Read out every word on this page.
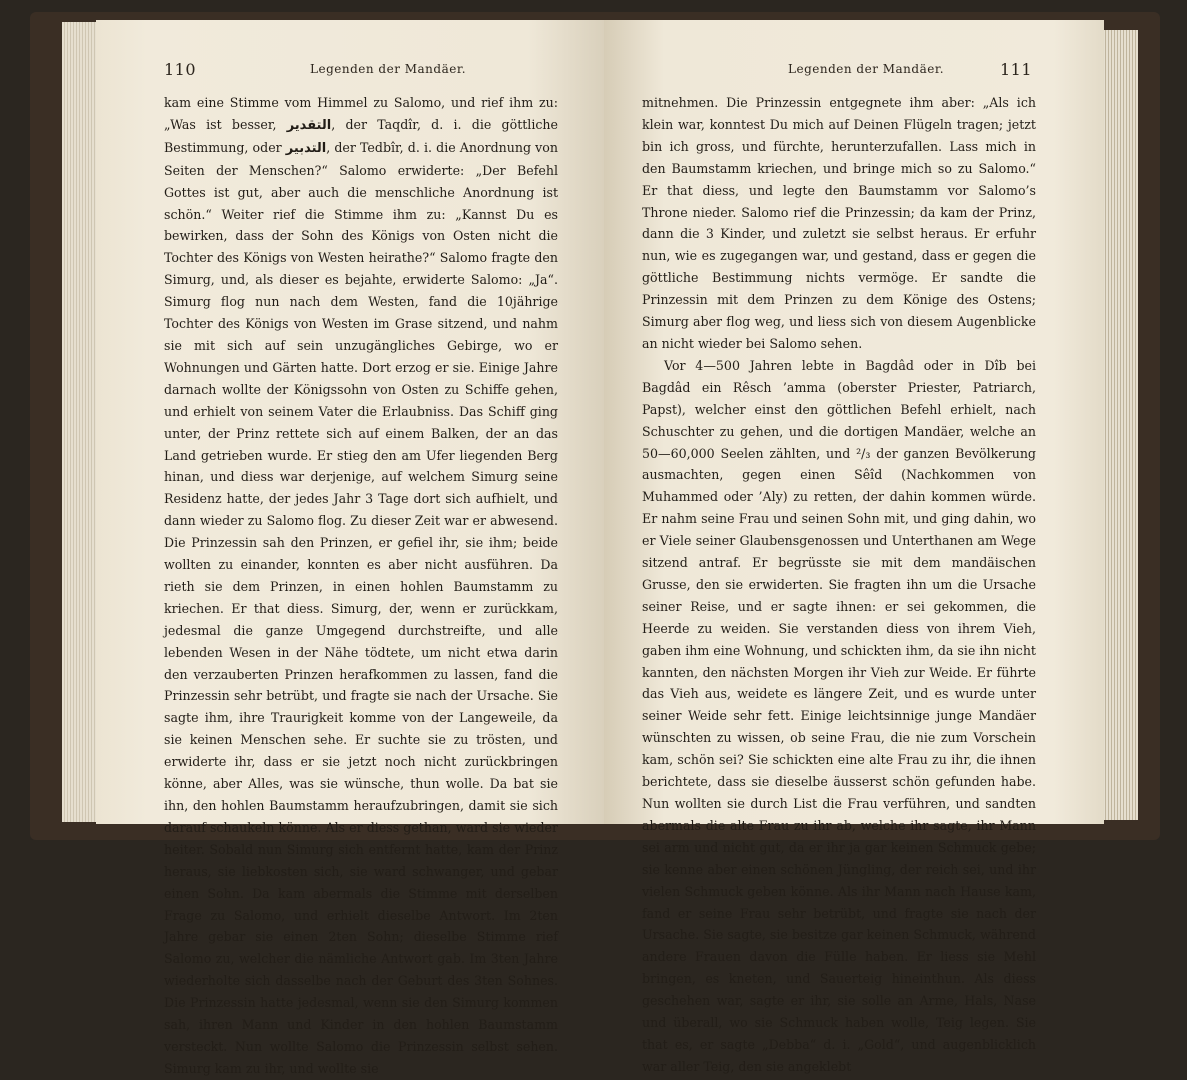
110	Legenden der Mandäer.

kam eine Stimme vom Himmel zu Salomo, und rief ihm zu: „Was ist besser, التقدير, der Taqdîr, d. i. die göttliche Bestimmung, oder التدبير, der Tedbîr, d. i. die Anordnung von Seiten der Menschen?“ Salomo erwiderte: „Der Befehl Gottes ist gut, aber auch die menschliche Anordnung ist schön.“ Weiter rief die Stimme ihm zu: „Kannst Du es bewirken, dass der Sohn des Königs von Osten nicht die Tochter des Königs von Westen heirathe?“ Salomo fragte den Simurg, und, als dieser es bejahte, erwiderte Salomo: „Ja“. Simurg flog nun nach dem Westen, fand die 10jährige Tochter des Königs von Westen im Grase sitzend, und nahm sie mit sich auf sein unzugängliches Gebirge, wo er Wohnungen und Gärten hatte. Dort erzog er sie. Einige Jahre darnach wollte der Königssohn von Osten zu Schiffe gehen, und erhielt von seinem Vater die Erlaubniss. Das Schiff ging unter, der Prinz rettete sich auf einem Balken, der an das Land getrieben wurde. Er stieg den am Ufer liegenden Berg hinan, und diess war derjenige, auf welchem Simurg seine Residenz hatte, der jedes Jahr 3 Tage dort sich aufhielt, und dann wieder zu Salomo flog. Zu dieser Zeit war er abwesend. Die Prinzessin sah den Prinzen, er gefiel ihr, sie ihm; beide wollten zu einander, konnten es aber nicht ausführen. Da rieth sie dem Prinzen, in einen hohlen Baumstamm zu kriechen. Er that diess. Simurg, der, wenn er zurückkam, jedesmal die ganze Umgegend durchstreifte, und alle lebenden Wesen in der Nähe tödtete, um nicht etwa darin den verzauberten Prinzen herafkommen zu lassen, fand die Prinzessin sehr betrübt, und fragte sie nach der Ursache. Sie sagte ihm, ihre Traurigkeit komme von der Langeweile, da sie keinen Menschen sehe. Er suchte sie zu trösten, und erwiderte ihr, dass er sie jetzt noch nicht zurückbringen könne, aber Alles, was sie wünsche, thun wolle. Da bat sie ihn, den hohlen Baumstamm heraufzubringen, damit sie sich darauf schaukeln könne. Als er diess gethan, ward sie wieder heiter. Sobald nun Simurg sich entfernt hatte, kam der Prinz heraus, sie liebkosten sich, sie ward schwanger, und gebar einen Sohn. Da kam abermals die Stimme mit derselben Frage zu Salomo, und erhielt dieselbe Antwort. Im 2ten Jahre gebar sie einen 2ten Sohn; dieselbe Stimme rief Salomo zu, welcher die nämliche Antwort gab. Im 3ten Jahre wiederholte sich dasselbe nach der Geburt des 3ten Sohnes. Die Prinzessin hatte jedesmal, wenn sie den Simurg kommen sah, ihren Mann und Kinder in den hohlen Baumstamm versteckt. Nun wollte Salomo die Prinzessin selbst sehen. Simurg kam zu ihr, und wollte sie

Legenden der Mandäer.	111

mitnehmen. Die Prinzessin entgegnete ihm aber: „Als ich klein war, konntest Du mich auf Deinen Flügeln tragen; jetzt bin ich gross, und fürchte, herunterzufallen. Lass mich in den Baumstamm kriechen, und bringe mich so zu Salomo.“ Er that diess, und legte den Baumstamm vor Salomo’s Throne nieder. Salomo rief die Prinzessin; da kam der Prinz, dann die 3 Kinder, und zuletzt sie selbst heraus. Er erfuhr nun, wie es zugegangen war, und gestand, dass er gegen die göttliche Bestimmung nichts vermöge. Er sandte die Prinzessin mit dem Prinzen zu dem Könige des Ostens; Simurg aber flog weg, und liess sich von diesem Augenblicke an nicht wieder bei Salomo sehen.

Vor 4—500 Jahren lebte in Bagdâd oder in Dîb bei Bagdâd ein Rêsch ’amma (oberster Priester, Patriarch, Papst), welcher einst den göttlichen Befehl erhielt, nach Schuschter zu gehen, und die dortigen Mandäer, welche an 50—60,000 Seelen zählten, und ²/₃ der ganzen Bevölkerung ausmachten, gegen einen Sêîd (Nachkommen von Muhammed oder ’Aly) zu retten, der dahin kommen würde. Er nahm seine Frau und seinen Sohn mit, und ging dahin, wo er Viele seiner Glaubensgenossen und Unterthanen am Wege sitzend antraf. Er begrüsste sie mit dem mandäischen Grusse, den sie erwiderten. Sie fragten ihn um die Ursache seiner Reise, und er sagte ihnen: er sei gekommen, die Heerde zu weiden. Sie verstanden diess von ihrem Vieh, gaben ihm eine Wohnung, und schickten ihm, da sie ihn nicht kannten, den nächsten Morgen ihr Vieh zur Weide. Er führte das Vieh aus, weidete es längere Zeit, und es wurde unter seiner Weide sehr fett. Einige leichtsinnige junge Mandäer wünschten zu wissen, ob seine Frau, die nie zum Vorschein kam, schön sei? Sie schickten eine alte Frau zu ihr, die ihnen berichtete, dass sie dieselbe äusserst schön gefunden habe. Nun wollten sie durch List die Frau verführen, und sandten abermals die alte Frau zu ihr ab, welche ihr sagte, ihr Mann sei arm und nicht gut, da er ihr ja gar keinen Schmuck gebe; sie kenne aber einen schönen Jüngling, der reich sei, und ihr vielen Schmuck geben könne. Als ihr Mann nach Hause kam, fand er seine Frau sehr betrübt, und fragte sie nach der Ursache. Sie sagte, sie besitze gar keinen Schmuck, während andere Frauen davon die Fülle haben. Er liess sie Mehl bringen, es kneten, und Sauerteig hineinthun. Als diess geschehen war, sagte er ihr, sie solle an Arme, Hals, Nase und überall, wo sie Schmuck haben wolle, Teig legen. Sie that es, er sagte „Debba“ d. i. „Gold“, und augenblicklich war aller Teig, den sie angeklebt
